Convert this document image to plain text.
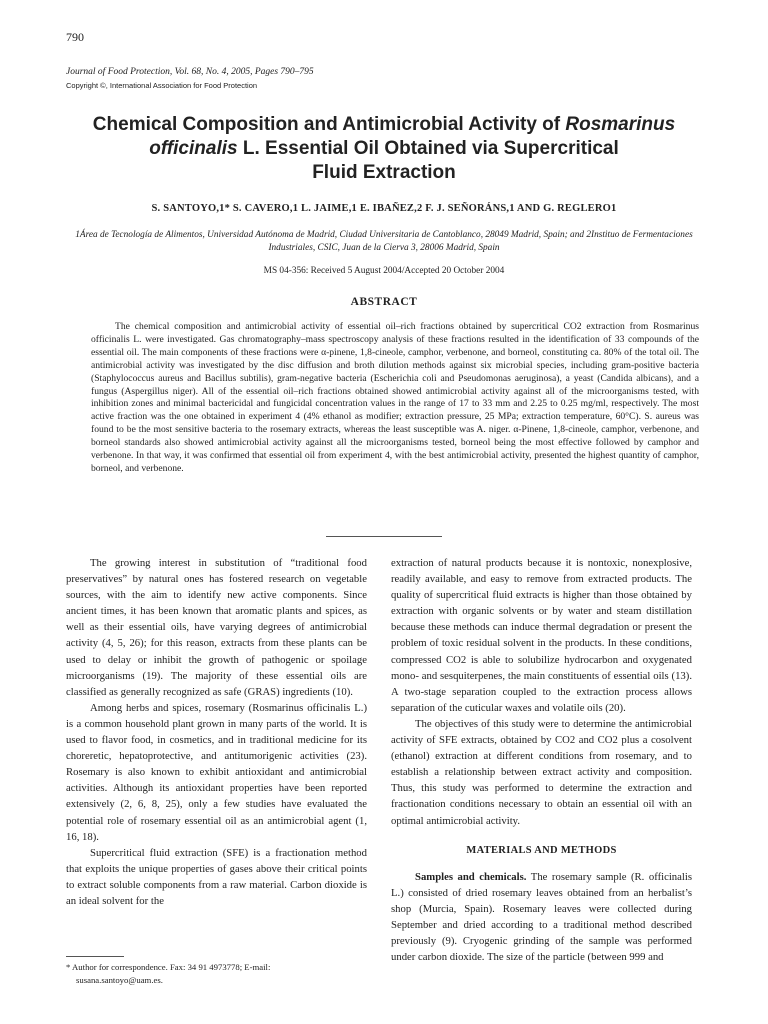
790
Journal of Food Protection, Vol. 68, No. 4, 2005, Pages 790–795
Copyright ©, International Association for Food Protection
Chemical Composition and Antimicrobial Activity of Rosmarinus
officinalis L. Essential Oil Obtained via Supercritical
Fluid Extraction
S. SANTOYO,1* S. CAVERO,1 L. JAIME,1 E. IBAÑEZ,2 F. J. SEÑORÁNS,1 AND G. REGLERO1
1Área de Tecnología de Alimentos, Universidad Autónoma de Madrid, Ciudad Universitaria de Cantoblanco, 28049 Madrid, Spain; and 2Instituo de Fermentaciones Industriales, CSIC, Juan de la Cierva 3, 28006 Madrid, Spain
MS 04-356: Received 5 August 2004/Accepted 20 October 2004
ABSTRACT

The chemical composition and antimicrobial activity of essential oil–rich fractions obtained by supercritical CO2 extraction from Rosmarinus officinalis L. were investigated. Gas chromatography–mass spectroscopy analysis of these fractions resulted in the identification of 33 compounds of the essential oil. The main components of these fractions were α-pinene, 1,8-cineole, camphor, verbenone, and borneol, constituting ca. 80% of the total oil. The antimicrobial activity was investigated by the disc diffusion and broth dilution methods against six microbial species, including gram-positive bacteria (Staphylococcus aureus and Bacillus subtilis), gram-negative bacteria (Escherichia coli and Pseudomonas aeruginosa), a yeast (Candida albicans), and a fungus (Aspergillus niger). All of the essential oil–rich fractions obtained showed antimicrobial activity against all of the microorganisms tested, with inhibition zones and minimal bactericidal and fungicidal concentration values in the range of 17 to 33 mm and 2.25 to 0.25 mg/ml, respectively. The most active fraction was the one obtained in experiment 4 (4% ethanol as modifier; extraction pressure, 25 MPa; extraction temperature, 60°C). S. aureus was found to be the most sensitive bacteria to the rosemary extracts, whereas the least susceptible was A. niger. α-Pinene, 1,8-cineole, camphor, verbenone, and borneol standards also showed antimicrobial activity against all the microorganisms tested, borneol being the most effective followed by camphor and verbenone. In that way, it was confirmed that essential oil from experiment 4, with the best antimicrobial activity, presented the highest quantity of camphor, borneol, and verbenone.

The growing interest in substitution of “traditional food preservatives” by natural ones has fostered research on vegetable sources, with the aim to identify new active components. Since ancient times, it has been known that aromatic plants and spices, as well as their essential oils, have varying degrees of antimicrobial activity (4, 5, 26); for this reason, extracts from these plants can be used to delay or inhibit the growth of pathogenic or spoilage microorganisms (19). The majority of these essential oils are classified as generally recognized as safe (GRAS) ingredients (10).

Among herbs and spices, rosemary (Rosmarinus officinalis L.) is a common household plant grown in many parts of the world. It is used to flavor food, in cosmetics, and in traditional medicine for its choreretic, hepatoprotective, and antitumorigenic activities (23). Rosemary is also known to exhibit antioxidant and antimicrobial activities. Although its antioxidant properties have been reported extensively (2, 6, 8, 25), only a few studies have evaluated the potential role of rosemary essential oil as an antimicrobial agent (1, 16, 18).

Supercritical fluid extraction (SFE) is a fractionation method that exploits the unique properties of gases above their critical points to extract soluble components from a raw material. Carbon dioxide is an ideal solvent for the

extraction of natural products because it is nontoxic, nonexplosive, readily available, and easy to remove from extracted products. The quality of supercritical fluid extracts is higher than those obtained by extraction with organic solvents or by water and steam distillation because these methods can induce thermal degradation or present the problem of toxic residual solvent in the products. In these conditions, compressed CO2 is able to solubilize hydrocarbon and oxygenated mono- and sesquiterpenes, the main constituents of essential oils (13). A two-stage separation coupled to the extraction process allows separation of the cuticular waxes and volatile oils (20).

The objectives of this study were to determine the antimicrobial activity of SFE extracts, obtained by CO2 and CO2 plus a cosolvent (ethanol) extraction at different conditions from rosemary, and to establish a relationship between extract activity and composition. Thus, this study was performed to determine the extraction and fractionation conditions necessary to obtain an essential oil with an optimal antimicrobial activity.

MATERIALS AND METHODS

Samples and chemicals. The rosemary sample (R. officinalis L.) consisted of dried rosemary leaves obtained from an herbalist’s shop (Murcia, Spain). Rosemary leaves were collected during September and dried according to a traditional method described previously (9). Cryogenic grinding of the sample was performed under carbon dioxide. The size of the particle (between 999 and

* Author for correspondence. Fax: 34 91 4973778; E-mail:
susana.santoyo@uam.es.
